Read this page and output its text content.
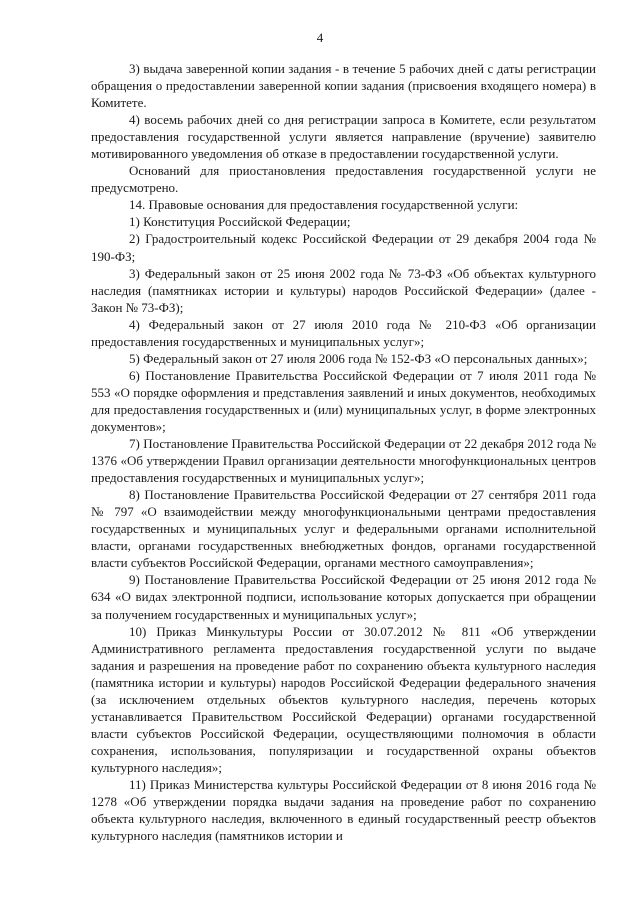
4

3) выдача заверенной копии задания - в течение 5 рабочих дней с даты регистрации обращения о предоставлении заверенной копии задания (присвоения входящего номера) в Комитете.

4) восемь рабочих дней со дня регистрации запроса в Комитете, если результатом предоставления государственной услуги является направление (вручение) заявителю мотивированного уведомления об отказе в предоставлении государственной услуги.

Оснований для приостановления предоставления государственной услуги не предусмотрено.

14. Правовые основания для предоставления государственной услуги:

1) Конституция Российской Федерации;

2) Градостроительный кодекс Российской Федерации от 29 декабря 2004 года № 190-ФЗ;

3) Федеральный закон от 25 июня 2002 года № 73-ФЗ «Об объектах культурного наследия (памятниках истории и культуры) народов Российской Федерации» (далее - Закон № 73-ФЗ);

4) Федеральный закон от 27 июля 2010 года № 210-ФЗ «Об организации предоставления государственных и муниципальных услуг»;

5) Федеральный закон от 27 июля 2006 года № 152-ФЗ «О персональных данных»;

6) Постановление Правительства Российской Федерации от 7 июля 2011 года № 553 «О порядке оформления и представления заявлений и иных документов, необходимых для предоставления государственных и (или) муниципальных услуг, в форме электронных документов»;

7) Постановление Правительства Российской Федерации от 22 декабря 2012 года № 1376 «Об утверждении Правил организации деятельности многофункциональных центров предоставления государственных и муниципальных услуг»;

8) Постановление Правительства Российской Федерации от 27 сентября 2011 года № 797 «О взаимодействии между многофункциональными центрами предоставления государственных и муниципальных услуг и федеральными органами исполнительной власти, органами государственных внебюджетных фондов, органами государственной власти субъектов Российской Федерации, органами местного самоуправления»;

9) Постановление Правительства Российской Федерации от 25 июня 2012 года № 634 «О видах электронной подписи, использование которых допускается при обращении за получением государственных и муниципальных услуг»;

10) Приказ Минкультуры России от 30.07.2012 № 811 «Об утверждении Административного регламента предоставления государственной услуги по выдаче задания и разрешения на проведение работ по сохранению объекта культурного наследия (памятника истории и культуры) народов Российской Федерации федерального значения (за исключением отдельных объектов культурного наследия, перечень которых устанавливается Правительством Российской Федерации) органами государственной власти субъектов Российской Федерации, осуществляющими полномочия в области сохранения, использования, популяризации и государственной охраны объектов культурного наследия»;

11) Приказ Министерства культуры Российской Федерации от 8 июня 2016 года № 1278 «Об утверждении порядка выдачи задания на проведение работ по сохранению объекта культурного наследия, включенного в единый государственный реестр объектов культурного наследия (памятников истории и
